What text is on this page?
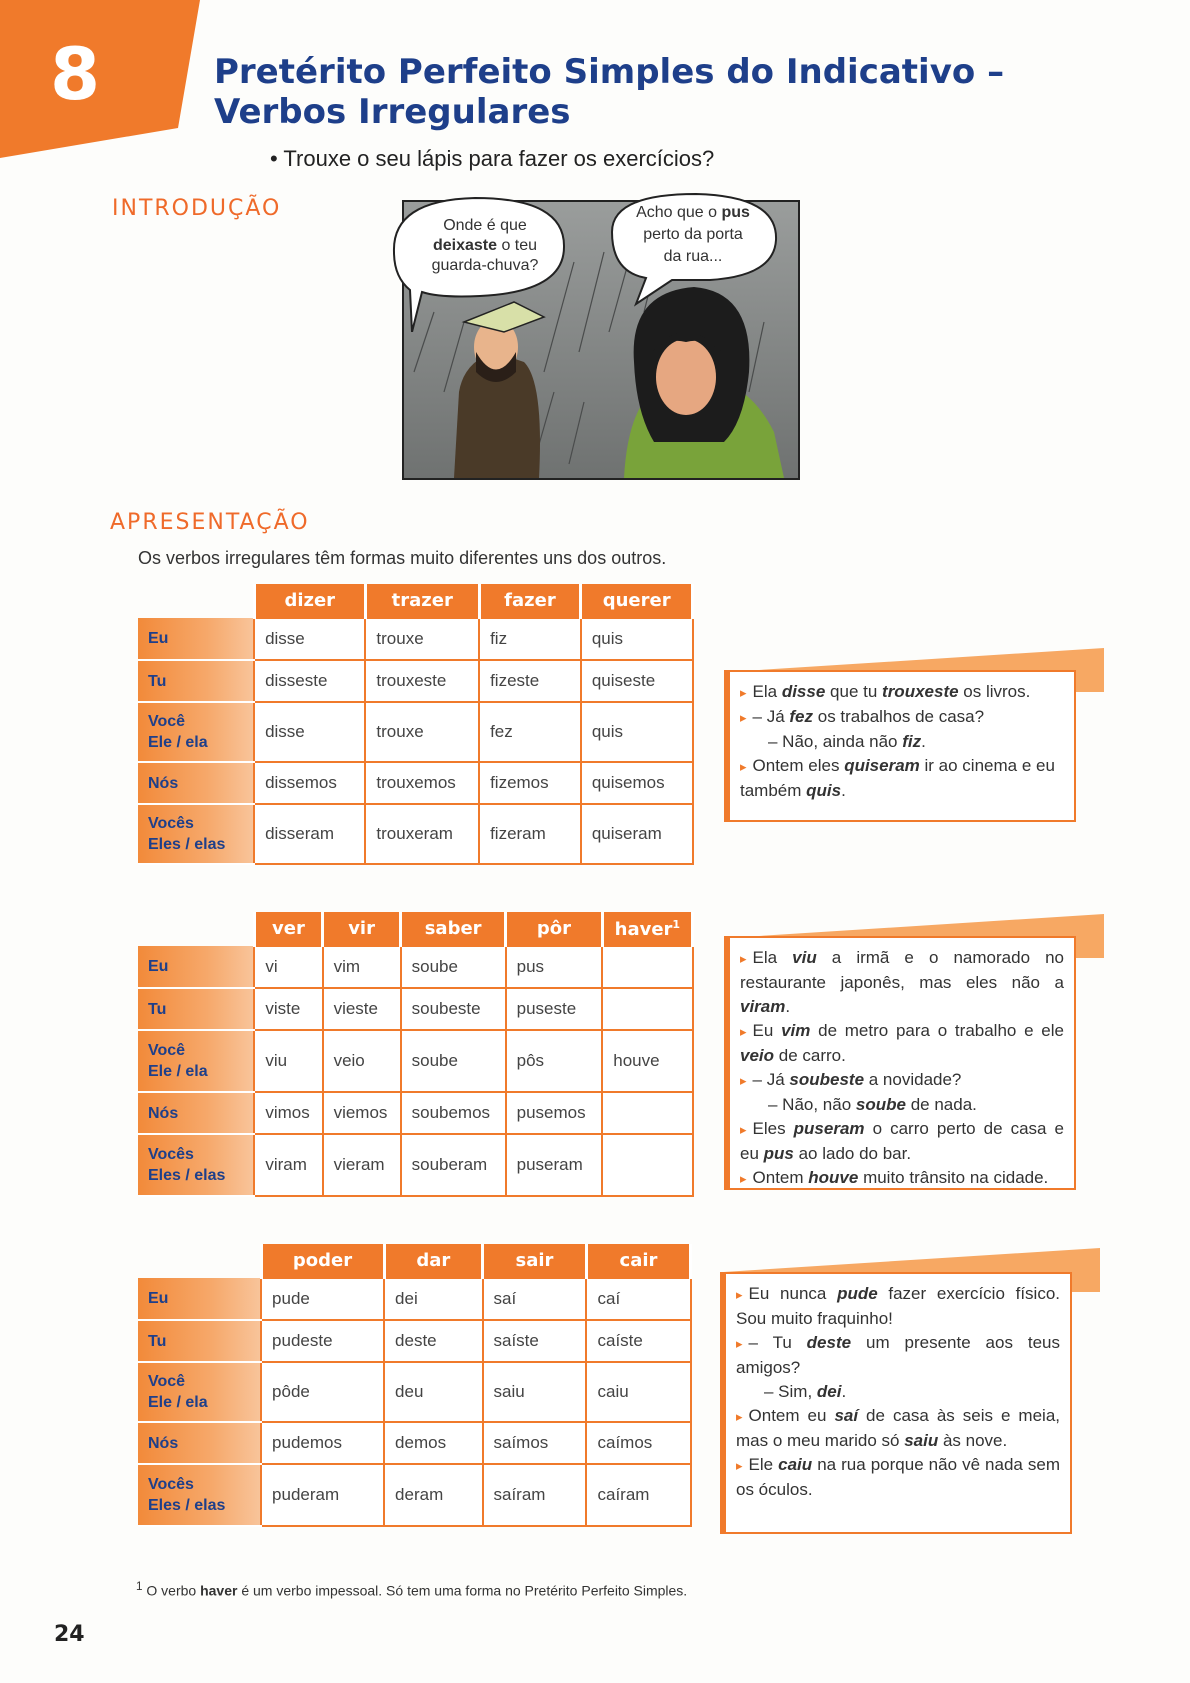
8	Pretérito Perfeito Simples do Indicativo –
Verbos Irregulares
• Trouxe o seu lápis para fazer os exercícios?
INTRODUÇÃO
Onde é que
deixaste o teu
guarda-chuva?
Acho que o pus
perto da porta
da rua...
APRESENTAÇÃO
Os verbos irregulares têm formas muito diferentes uns dos outros.
	dizer	trazer	fazer	querer
Eu	disse	trouxe	fiz	quis
Tu	disseste	trouxeste	fizeste	quiseste
Você
Ele / ela	disse	trouxe	fez	quis
Nós	dissemos	trouxemos	fizemos	quisemos
Vocês
Eles / elas	disseram	trouxeram	fizeram	quiseram
▸ Ela disse que tu trouxeste os livros.
▸ – Já fez os trabalhos de casa?
– Não, ainda não fiz.
▸ Ontem eles quiseram ir ao cinema e eu também quis.
	ver	vir	saber	pôr	haver$^1$
Eu	vi	vim	soube	pus	
Tu	viste	vieste	soubeste	puseste	
Você
Ele / ela	viu	veio	soube	pôs	houve
Nós	vimos	viemos	soubemos	pusemos	
Vocês
Eles / elas	viram	vieram	souberam	puseram	
▸ Ela viu a irmã e o namorado no restaurante japonês, mas eles não a viram.
▸ Eu vim de metro para o trabalho e ele veio de carro.
▸ – Já soubeste a novidade?
– Não, não soube de nada.
▸ Eles puseram o carro perto de casa e eu pus ao lado do bar.
▸ Ontem houve muito trânsito na cidade.
	poder	dar	sair	cair
Eu	pude	dei	saí	caí
Tu	pudeste	deste	saíste	caíste
Você
Ele / ela	pôde	deu	saiu	caiu
Nós	pudemos	demos	saímos	caímos
Vocês
Eles / elas	puderam	deram	saíram	caíram
▸ Eu nunca pude fazer exercício físico. Sou muito fraquinho!
▸ – Tu deste um presente aos teus amigos?
– Sim, dei.
▸ Ontem eu saí de casa às seis e meia, mas o meu marido só saiu às nove.
▸ Ele caiu na rua porque não vê nada sem os óculos.
$^1$ O verbo haver é um verbo impessoal. Só tem uma forma no Pretérito Perfeito Simples.
24
